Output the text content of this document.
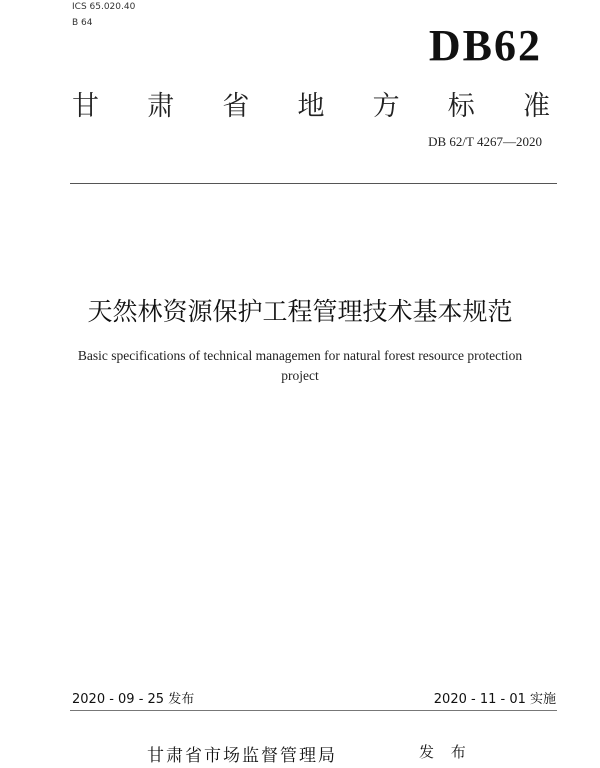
ICS 65.020.40
B 64	DB62
甘 肃 省 地 方 标 准
DB 62/T 4267—2020
天然林资源保护工程管理技术基本规范
Basic specifications of technical managemen for natural forest resource protection project
2020 - 09 - 25 发布	2020 - 11 - 01 实施
甘肃省市场监督管理局	发 布
